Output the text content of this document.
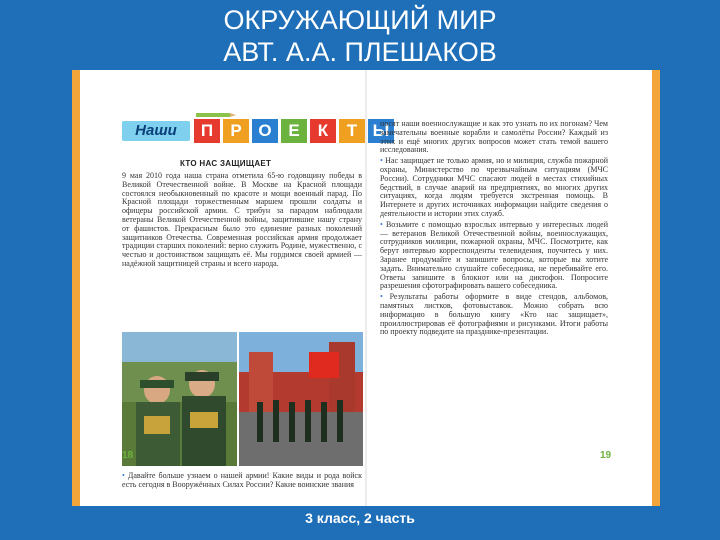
ОКРУЖАЮЩИЙ МИР
АВТ. А.А. ПЛЕШАКОВ
Наши	П	Р О Е	К	Т Ы
КТО НАС ЗАЩИЩАЕТ

9 мая 2010 года наша страна отметила 65-ю годовщину победы в Великой Отечественной войне. В Москве на Красной площади состоялся необыкновенный по красоте и мощи военный парад. По Красной площади торжественным маршем прошли солдаты и офицеры российской армии. С трибун за парадом наблюдали ветераны Великой Отечественной войны, защитившие нашу страну от фашистов. Прекрасным было это единение разных поколений защитников Отечества. Современная российская армия продолжает традиции старших поколений: верно служить Родине, мужественно, с честью и достоинством защищать её. Мы гордимся своей армией — надёжной защитницей страны и всего народа.

• Давайте больше узнаем о нашей армии! Какие виды и рода войск есть сегодня в Вооружённых Силах России? Какие воинские звания

18

носят наши военнослужащие и как это узнать по их погонам? Чем замечательны военные корабли и самолёты России? Каждый из этих и ещё многих других вопросов может стать темой вашего исследования.

• Нас защищает не только армия, но и милиция, служба пожарной охраны, Министерство по чрезвычайным ситуациям (МЧС России). Сотрудники МЧС спасают людей в местах стихийных бедствий, в случае аварий на предприятиях, во многих других ситуациях, когда людям требуется экстренная помощь. В Интернете и других источниках информации найдите сведения о деятельности и истории этих служб.

• Возьмите с помощью взрослых интервью у интересных людей — ветеранов Великой Отечественной войны, военнослужащих, сотрудников милиции, пожарной охраны, МЧС. Посмотрите, как берут интервью корреспонденты телевидения, поучитесь у них. Заранее продумайте и запишите вопросы, которые вы хотите задать. Внимательно слушайте собеседника, не перебивайте его. Ответы запишите в блокнот или на диктофон. Попросите разрешения сфотографировать вашего собеседника.

• Результаты работы оформите в виде стендов, альбомов, памятных листков, фотовыставок. Можно собрать всю информацию в большую книгу «Кто нас защищает», проиллюстрировав её фотографиями и рисунками. Итоги работы по проекту подведите на празднике-презентации.

19
3 класс, 2 часть
